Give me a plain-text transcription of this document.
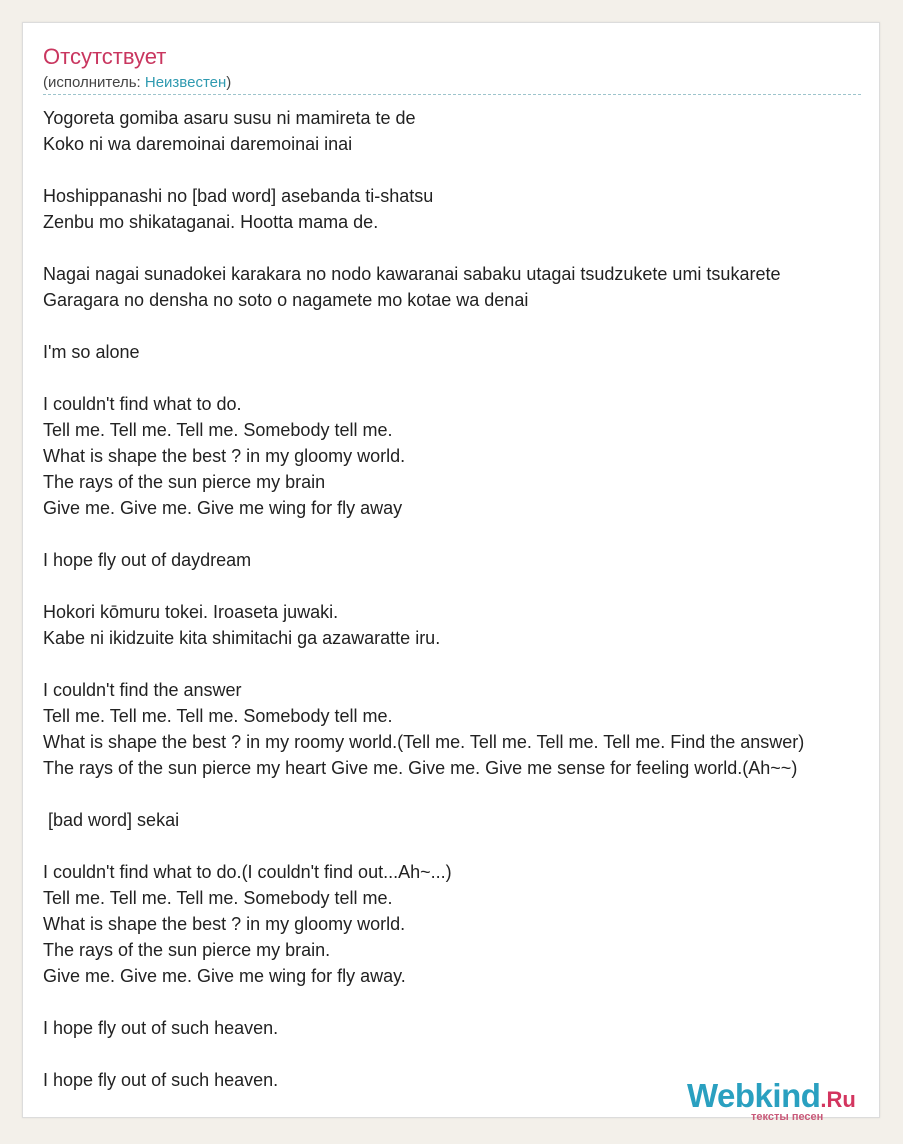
Отсутствует
(исполнитель: Неизвестен)
Yogoreta gomiba asaru susu ni mamireta te de
Koko ni wa daremoinai daremoinai inai
Hoshippanashi no [bad word] asebanda ti-shatsu
Zenbu mo shikataganai. Hootta mama de.
Nagai nagai sunadokei karakara no nodo kawaranai sabaku utagai tsudzukete umi tsukarete
Garagara no densha no soto o nagamete mo kotae wa denai
I'm so alone
I couldn't find what to do.
Tell me. Tell me. Tell me. Somebody tell me.
What is shape the best ? in my gloomy world.
The rays of the sun pierce my brain
Give me. Give me. Give me wing for fly away
I hope fly out of daydream
Hokori kōmuru tokei. Iroaseta juwaki.
Kabe ni ikidzuite kita shimitachi ga azawaratte iru.
I couldn't find the answer
Tell me. Tell me. Tell me. Somebody tell me.
What is shape the best ? in my roomy world.(Tell me. Tell me. Tell me. Tell me. Find the answer)
The rays of the sun pierce my heart Give me. Give me. Give me sense for feeling world.(Ah~~)
[bad word] sekai
I couldn't find what to do.(I couldn't find out...Ah~...)
Tell me. Tell me. Tell me. Somebody tell me.
What is shape the best ? in my gloomy world.
The rays of the sun pierce my brain.
Give me. Give me. Give me wing for fly away.
I hope fly out of such heaven.
I hope fly out of such heaven.	Webkind.Ru
тексты песен
